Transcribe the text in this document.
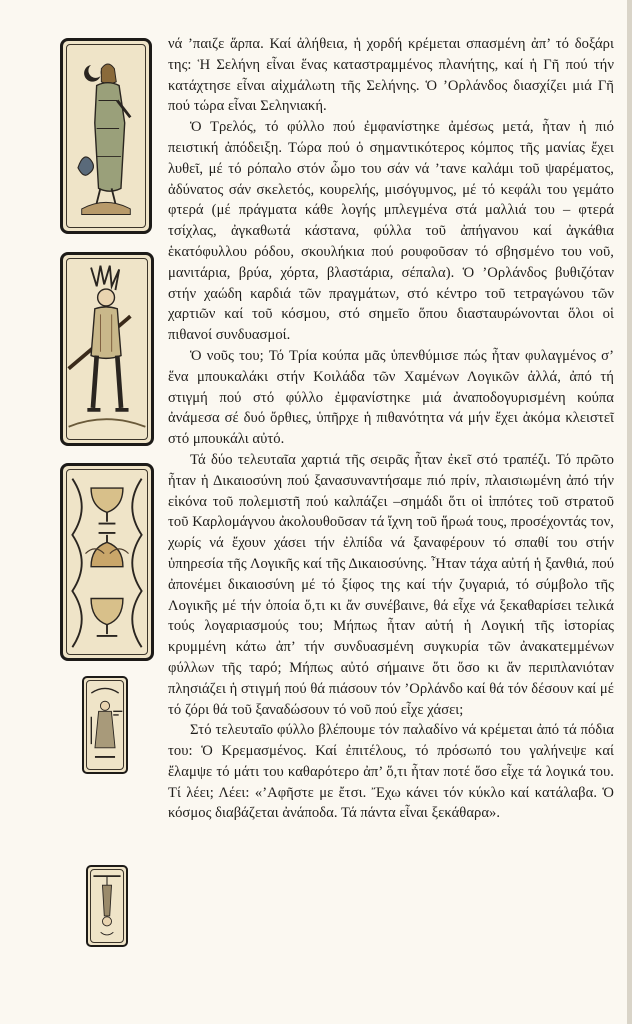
νά ’παιζε ἅρπα. Καί ἀλήθεια, ἡ χορδή κρέμεται σπασμένη ἀπ’ τό δοξάρι της: Ἡ Σελήνη εἶναι ἕνας καταστραμμένος πλανήτης, καί ἡ Γῆ πού τήν κατάχτησε εἶναι αἰχμάλωτη τῆς Σελήνης. Ὁ ’Ορλάνδος διασχίζει μιά Γῆ πού τώρα εἶναι Σεληνιακή.

Ὁ Τρελός, τό φύλλο πού ἐμφανίστηκε ἀμέσως μετά, ἦταν ἡ πιό πειστική ἀπόδειξη. Τώρα πού ὁ σημαντικότερος κόμπος τῆς μανίας ἔχει λυθεῖ, μέ τό ρόπαλο στόν ὦμο του σάν νά ’τανε καλάμι τοῦ ψαρέματος, ἀδύνατος σάν σκελετός, κουρελής, μισόγυμνος, μέ τό κεφάλι του γεμάτο φτερά (μέ πράγματα κάθε λογής μπλεγμένα στά μαλλιά του – φτερά τσίχλας, ἀγκαθωτά κάστανα, φύλλα τοῦ ἀπήγανου καί ἀγκάθια ἑκατόφυλλου ρόδου, σκουλήκια πού ρουφοῦσαν τό σβησμένο του νοῦ, μανιτάρια, βρύα, χόρτα, βλαστάρια, σέπαλα). Ὁ ’Ορλάνδος βυθιζόταν στήν χαώδη καρδιά τῶν πραγμάτων, στό κέντρο τοῦ τετραγώνου τῶν χαρτιῶν καί τοῦ κόσμου, στό σημεῖο ὅπου διασταυρώνονται ὅλοι οἱ πιθανοί συνδυασμοί.

Ὁ νοῦς του; Τό Τρία κούπα μᾶς ὑπενθύμισε πώς ἦταν φυλαγμένος σ’ ἕνα μπουκαλάκι στήν Κοιλάδα τῶν Χαμένων Λογικῶν ἀλλά, ἀπό τή στιγμή πού στό φύλλο ἐμφανίστηκε μιά ἀναποδογυρισμένη κούπα ἀνάμεσα σέ δυό ὄρθιες, ὑπῆρχε ἡ πιθανότητα νά μήν ἔχει ἀκόμα κλειστεῖ στό μπουκάλι αὐτό.

Τά δύο τελευταῖα χαρτιά τῆς σειρᾶς ἦταν ἐκεῖ στό τραπέζι. Τό πρῶτο ἦταν ἡ Δικαιοσύνη πού ξανασυναντήσαμε πιό πρίν, πλαισιωμένη ἀπό τήν εἰκόνα τοῦ πολεμιστῆ πού καλπάζει –σημάδι ὅτι οἱ ἱππότες τοῦ στρατοῦ τοῦ Καρλομάγνου ἀκολουθοῦσαν τά ἴχνη τοῦ ἥρωά τους, προσέχοντάς τον, χωρίς νά ἔχουν χάσει τήν ἐλπίδα νά ξαναφέρουν τό σπαθί του στήν ὑπηρεσία τῆς Λογικῆς καί τῆς Δικαιοσύνης. Ἦταν τάχα αὐτή ἡ ξανθιά, πού ἀπονέμει δικαιοσύνη μέ τό ξίφος της καί τήν ζυγαριά, τό σύμβολο τῆς Λογικῆς μέ τήν ὁποία ὅ,τι κι ἄν συνέβαινε, θά εἶχε νά ξεκαθαρίσει τελικά τούς λογαριασμούς του; Μήπως ἦταν αὐτή ἡ Λογική τῆς ἱστορίας κρυμμένη κάτω ἀπ’ τήν συνδυασμένη συγκυρία τῶν ἀνακατεμμένων φύλλων τῆς ταρό; Μήπως αὐτό σήμαινε ὅτι ὅσο κι ἄν περιπλανιόταν πλησιάζει ἡ στιγμή πού θά πιάσουν τόν ’Ορλάνδο καί θά τόν δέσουν καί μέ τό ζόρι θά τοῦ ξαναδώσουν τό νοῦ πού εἶχε χάσει;

Στό τελευταῖο φύλλο βλέπουμε τόν παλαδίνο νά κρέμεται ἀπό τά πόδια του: Ὁ Κρεμασμένος. Καί ἐπιτέλους, τό πρόσωπό του γαλήνεψε καί ἔλαμψε τό μάτι του καθαρότερο ἀπ’ ὅ,τι ἦταν ποτέ ὅσο εἶχε τά λογικά του. Τί λέει; Λέει: «’Αφῆστε με ἔτσι. Ἔχω κάνει τόν κύκλο καί κατάλαβα. Ὁ κόσμος διαβάζεται ἀνάποδα. Τά πάντα εἶναι ξεκάθαρα».
